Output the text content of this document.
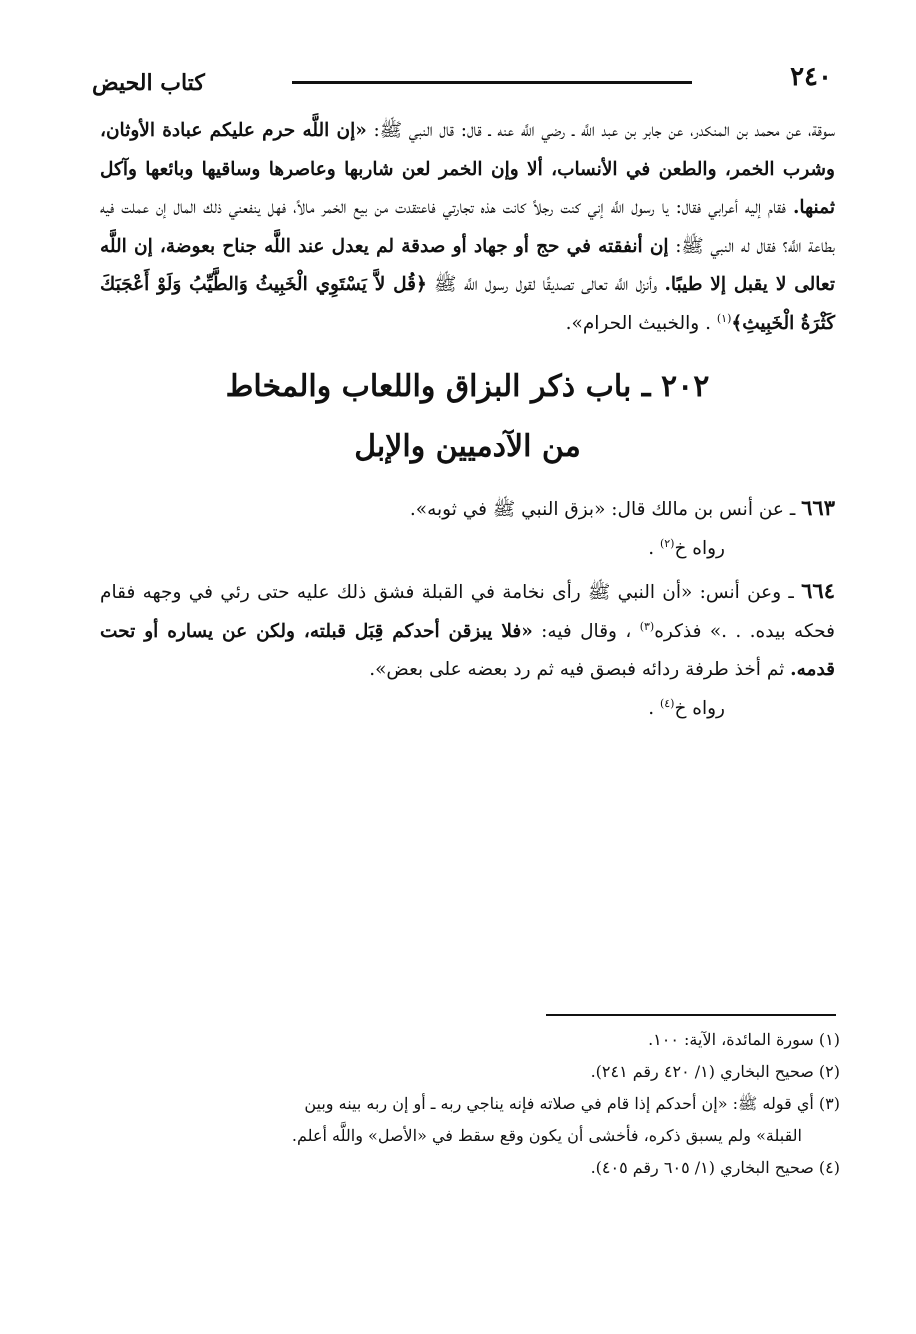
٢٤٠
كتاب الحيض

سوقة، عن محمد بن المنكدر، عن جابر بن عبد اللَّه ـ رضي اللَّه عنه ـ قال: قال النبي ﷺ: «إن اللَّه حرم عليكم عبادة الأوثان، وشرب الخمر، والطعن في الأنساب، ألا وإن الخمر لعن شاربها وعاصرها وساقيها وبائعها وآكل ثمنها. فقام إليه أعرابي فقال: يا رسول اللَّه إني كنت رجلاً كانت هذه تجارتي فاعتقدت من بيع الخمر مالاً، فهل ينفعني ذلك المال إن عملت فيه بطاعة اللَّه؟ فقال له النبي ﷺ: إن أنفقته في حج أو جهاد أو صدقة لم يعدل عند اللَّه جناح بعوضة، إن اللَّه تعالى لا يقبل إلا طيبًا. وأنزل اللَّه تعالى تصديقًا لقول رسول اللَّه ﷺ ﴿قُل لاَّ يَسْتَوِي الْخَبِيثُ وَالطَّيِّبُ وَلَوْ أَعْجَبَكَ كَثْرَةُ الْخَبِيثِ﴾$^{(١)}$ . والخبيث الحرام».

٢٠٢ ـ باب ذكر البزاق واللعاب والمخاط
من الآدميين والإبل

٦٦٣ ـ عن أنس بن مالك قال: «بزق النبي ﷺ في ثوبه».

رواه خ$^{(٢)}$ .

٦٦٤ ـ وعن أنس: «أن النبي ﷺ رأى نخامة في القبلة فشق ذلك عليه حتى رئي في وجهه فقام فحكه بيده. . .» فذكره$^{(٣)}$ ، وقال فيه: «فلا يبزقن أحدكم قِبَل قبلته، ولكن عن يساره أو تحت قدمه. ثم أخذ طرفة ردائه فبصق فيه ثم رد بعضه على بعض».

رواه خ$^{(٤)}$ .

(١) سورة المائدة، الآية: ١٠٠.

(٢) صحيح البخاري (١/ ٤٢٠ رقم ٢٤١).

(٣) أي قوله ﷺ: «إن أحدكم إذا قام في صلاته فإنه يناجي ربه ـ أو إن ربه بينه وبين

القبلة» ولم يسبق ذكره، فأخشى أن يكون وقع سقط في «الأصل» واللَّه أعلم.

(٤) صحيح البخاري (١/ ٦٠٥ رقم ٤٠٥).
